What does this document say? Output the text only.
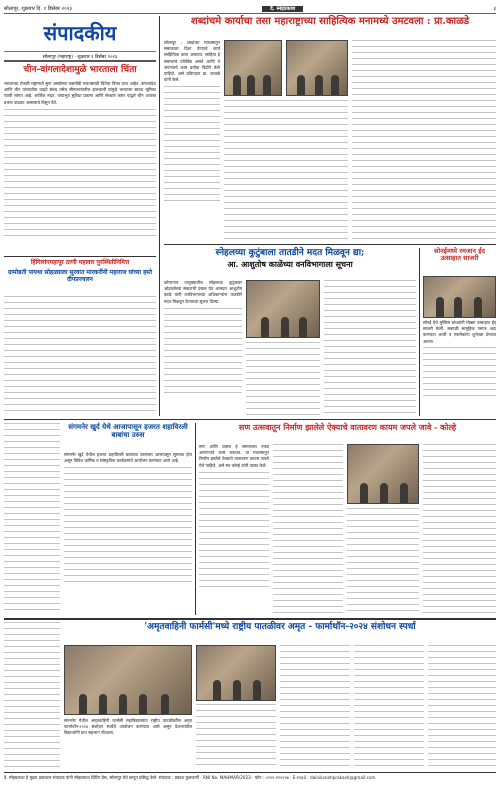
सोलापूर, शुक्रवार दि. १ डिसेंबर २०२३	दै. स्नेहप्रकाश	३
संपादकीय
सोलापूर (महाराष्ट्र) · शुक्रवार १ डिसेंबर २०२३
चीन-वांगलादेशामुळे भारताला चिंता
भारताच्या शेजारी राष्ट्रांमध्ये सुरू असलेल्या घडामोडी भारतासाठी चिंतेचा विषय ठरत आहेत. बांगलादेश आणि चीन यांच्यातील वाढते संबंध तसेच सीमाभागातील हालचाली यांमुळे भारताला सावध भूमिका घ्यावी लागत आहे. आर्थिक मदत, पायाभूत सुविधा प्रकल्प आणि संरक्षण करार यांद्वारे चीन आपला प्रभाव वाढवत असल्याचे दिसून येते.
हिंगिलांगमहापूर ठाणी महावार पुरस्थितीनिमित्त
ग्रामोन्नती पायथा सोहळ्याला सुरवात मारकरींनी महाराज घांच्या हस्ते दीपप्रज्वलन
शब्दांचमे कार्याचा तसा महाराष्ट्राच्या साहित्यिक मनामध्ये उमटवला : प्रा.काळडे
सोलापूर : शब्दांच्या माध्यमातून समाजाला दिशा देण्याचे कार्य साहित्यिक करत असतात. साहित्य हे समाजाचे प्रतिबिंब असते आणि ते जपण्याचे काम प्रत्येक पिढीने केले पाहिजे, असे प्रतिपादन प्रा. काळडे यांनी केले.
स्नेहलय्या कुटुंबाला तातडीने मदत मिळवून द्या;
आ. आशुतोष काळेंच्या वनविभागाला सूचना
कोपरगाव तालुक्यातील स्नेहलय्या कुटुंबावर ओढवलेल्या संकटाची दखल घेत आमदार आशुतोष काळे यांनी वनविभागाच्या अधिकाऱ्यांना तातडीने मदत मिळवून देण्याच्या सूचना दिल्या.
सोनईमध्ये रमजान ईद उत्साहात साजरी
सोनई येथे मुस्लिम बांधवांनी मोठ्या उत्साहात ईद साजरी केली. सकाळी सामूहिक नमाज अदा करण्यात आली व एकमेकांना शुभेच्छा देण्यात आल्या.
संगमनेर खुर्द येथे आजापासून हजरत शहाविरली बाबांचा उरुस
संगमनेर खुर्द येथील हजरत शहाविरली बाबांच्या उरुसाला आजपासून सुरुवात होत असून विविध धार्मिक व सांस्कृतिक कार्यक्रमांचे आयोजन करण्यात आले आहे.
सण उत्सवातून निर्माण झालेले ऐक्याचे वातावरण कायम जपले जावे - कोल्हे
सण आणि उत्सव हे समाजाला एकत्र आणण्याचे काम करतात. या माध्यमातून निर्माण झालेले ऐक्याचे वातावरण कायम जपले गेले पाहिजे, असे मत कोल्हे यांनी व्यक्त केले.
'अमृतवाहिनी फार्मसी'मध्ये राष्ट्रीय पातळीवर अमृत - फार्माथॉन-२०२४ संशोधन स्पर्धा
संगमनेर येथील अमृतवाहिनी फार्मसी महाविद्यालयात राष्ट्रीय पातळीवरील अमृत फार्माथॉन-२०२४ संशोधन स्पर्धेचे आयोजन करण्यात आले असून देशभरातील विद्यार्थ्यांनी यात सहभाग नोंदवला.
दै. स्नेहप्रकाश हे मुद्रक प्रकाशक संपादक यांनी स्नेहप्रकाश प्रिंटिंग प्रेस, सोलापूर येथे छापून प्रसिद्ध केले. संपादक : प्रकाश कुलकर्णी · RNI No. MAHMAR/2023 · फोन : ०२२२-२१५२२७ · E-mail : dainiksnehprakash@gmail.com
